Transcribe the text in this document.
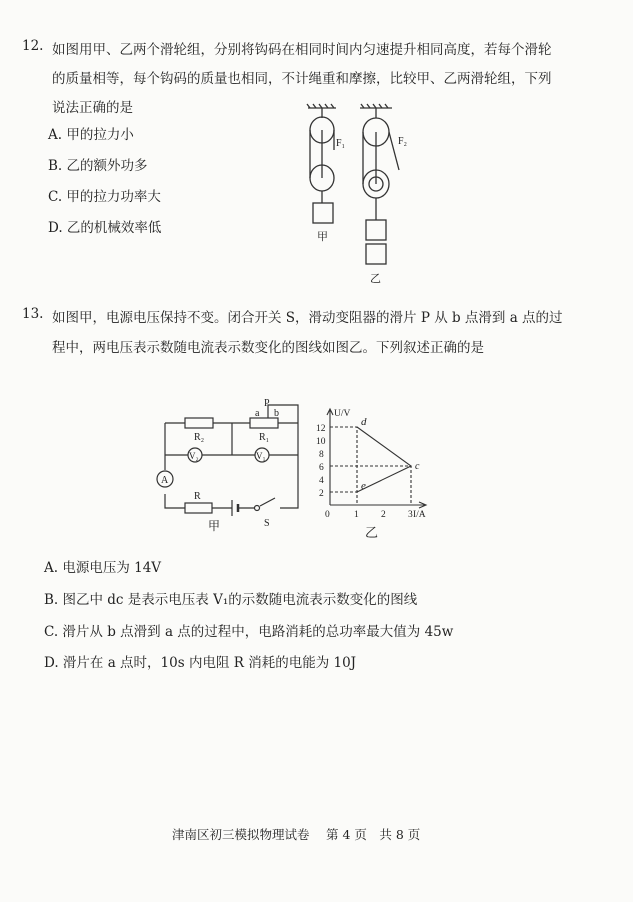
12. 如图用甲、乙两个滑轮组，分别将钩码在相同时间内匀速提升相同高度，若每个滑轮
的质量相等，每个钩码的质量也相同，不计绳重和摩擦，比较甲、乙两滑轮组，下列
说法正确的是
A. 甲的拉力小
B. 乙的额外功多
C. 甲的拉力功率大
D. 乙的机械效率低
F₁
甲
F₂
乙
13. 如图甲，电源电压保持不变。闭合开关 S，滑动变阻器的滑片 P 从 b 点滑到 a 点的过
程中，两电压表示数随电流表示数变化的图线如图乙。下列叙述正确的是
P
a b
R₂	R₁
V₂	V₁
A
R
S
甲
U/V
I/A
12
10
8
6
4
2
0	1 2 3
d
e
c
乙
A. 电源电压为 14V
B. 图乙中 dc 是表示电压表 V₁的示数随电流表示数变化的图线
C. 滑片从 b 点滑到 a 点的过程中，电路消耗的总功率最大值为 45w
D. 滑片在 a 点时，10s 内电阻 R 消耗的电能为 10J
津南区初三模拟物理试卷　 第 4 页　共 8 页
